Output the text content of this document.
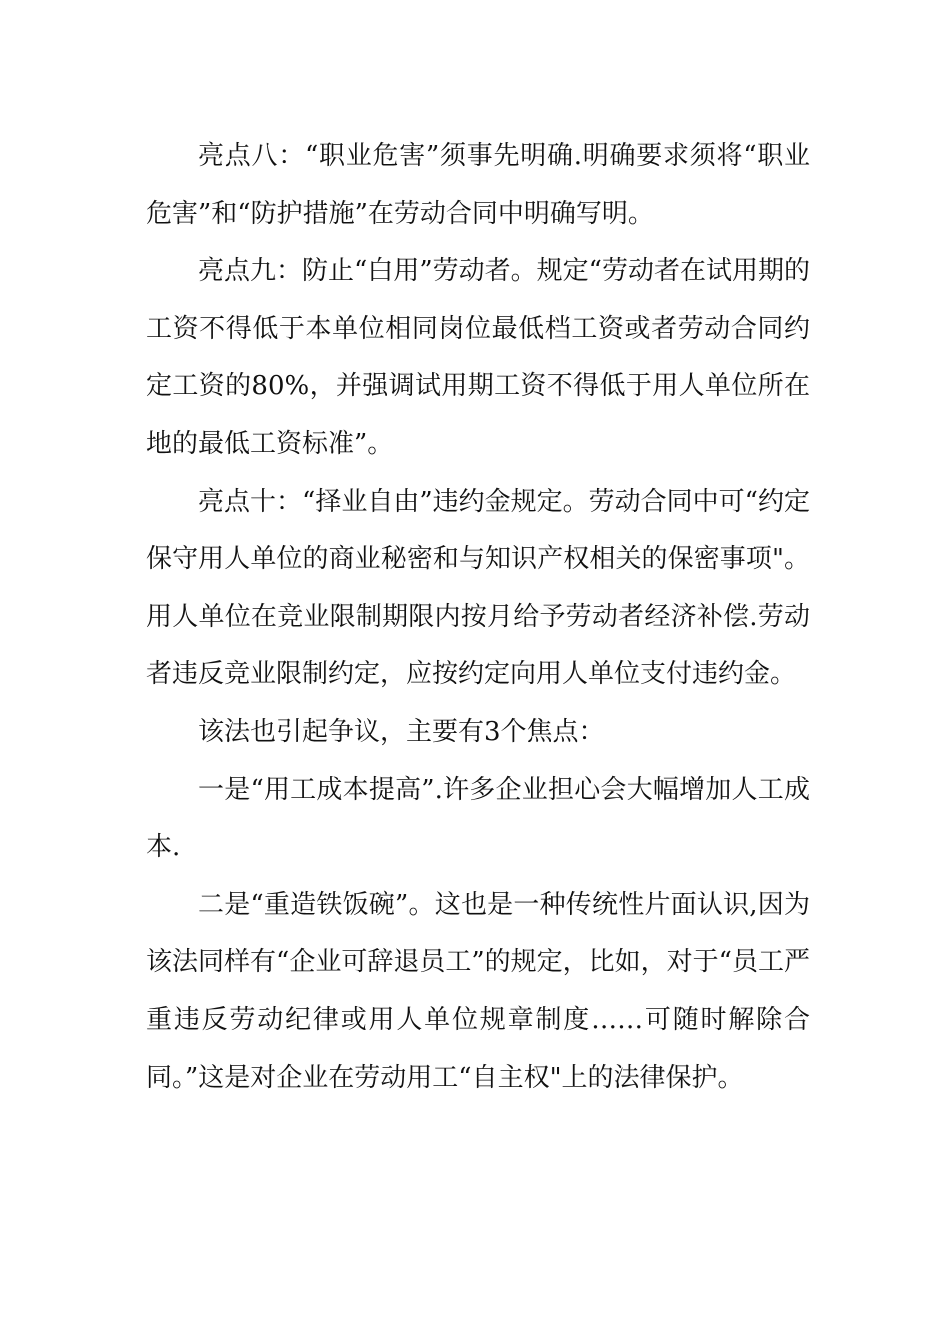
亮点八：“职业危害”须事先明确.明确要求须将“职业危害”和“防护措施”在劳动合同中明确写明。

亮点九：防止“白用”劳动者。规定“劳动者在试用期的工资不得低于本单位相同岗位最低档工资或者劳动合同约定工资的80%，并强调试用期工资不得低于用人单位所在地的最低工资标准”。

亮点十：“择业自由”违约金规定。劳动合同中可“约定保守用人单位的商业秘密和与知识产权相关的保密事项"。用人单位在竞业限制期限内按月给予劳动者经济补偿.劳动者违反竞业限制约定，应按约定向用人单位支付违约金。

该法也引起争议，主要有3个焦点：

一是“用工成本提高”.许多企业担心会大幅增加人工成本.

二是“重造铁饭碗”。这也是一种传统性片面认识,因为该法同样有“企业可辞退员工”的规定，比如，对于“员工严重违反劳动纪律或用人单位规章制度……可随时解除合同。”这是对企业在劳动用工“自主权"上的法律保护。
